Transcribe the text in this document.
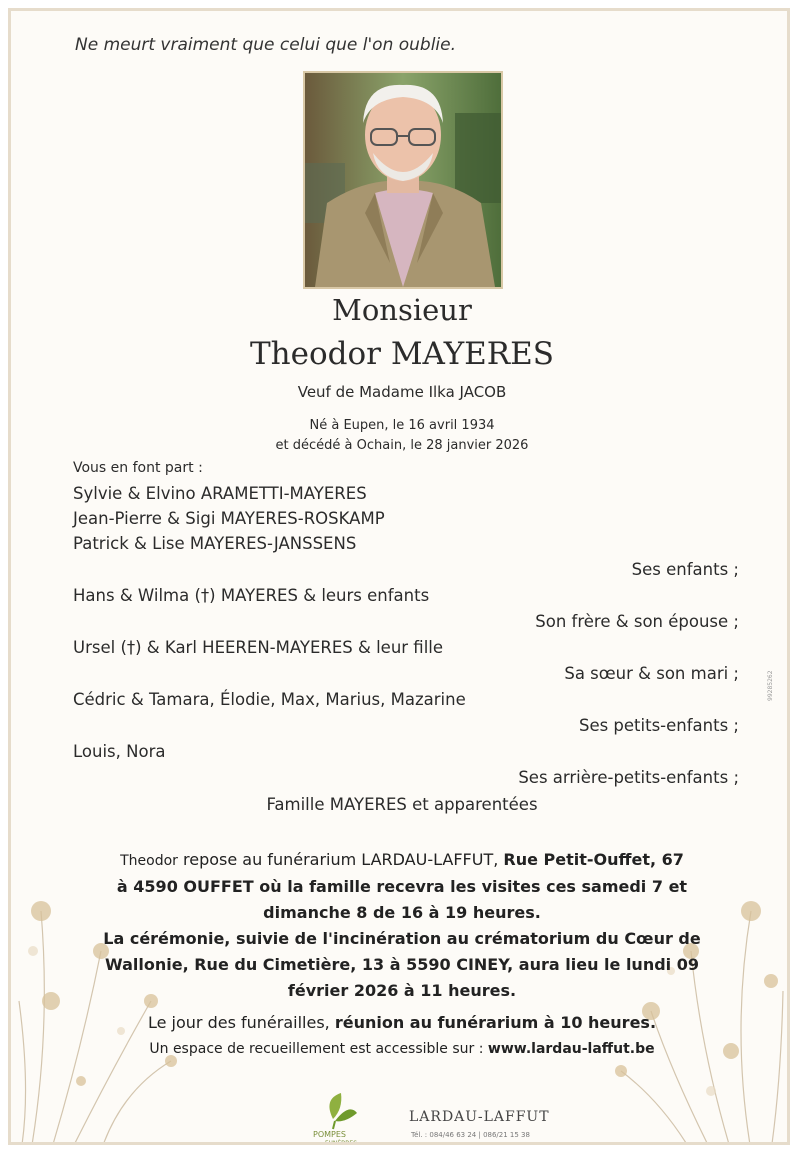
Ne meurt vraiment que celui que l'on oublie.
Monsieur
Theodor MAYERES
Veuf de Madame Ilka JACOB
Né à Eupen, le 16 avril 1934
et décédé à Ochain, le 28 janvier 2026
Vous en font part :
Sylvie & Elvino ARAMETTI-MAYERES
Jean-Pierre & Sigi MAYERES-ROSKAMP
Patrick & Lise MAYERES-JANSSENS
Ses enfants ;
Hans & Wilma (†) MAYERES & leurs enfants
Son frère & son épouse ;
Ursel (†) & Karl HEEREN-MAYERES & leur fille
Sa sœur & son mari ;
Cédric & Tamara, Élodie, Max, Marius, Mazarine
Ses petits-enfants ;
Louis, Nora
Ses arrière-petits-enfants ;
Famille MAYERES et apparentées
Theodor repose au funérarium LARDAU-LAFFUT, Rue Petit-Ouffet, 67
à 4590 OUFFET où la famille recevra les visites ces samedi 7 et
dimanche 8 de 16 à 19 heures.
La cérémonie, suivie de l'incinération au crématorium du Cœur de
Wallonie, Rue du Cimetière, 13 à 5590 CINEY, aura lieu le lundi 09
février 2026 à 11 heures.
Le jour des funérailles, réunion au funérarium à 10 heures.
Un espace de recueillement est accessible sur : www.lardau-laffut.be
POMPES
FUNÈBRES
LARDAU-LAFFUT
Tél. : 084/46 63 24 | 086/21 15 38
99285262
